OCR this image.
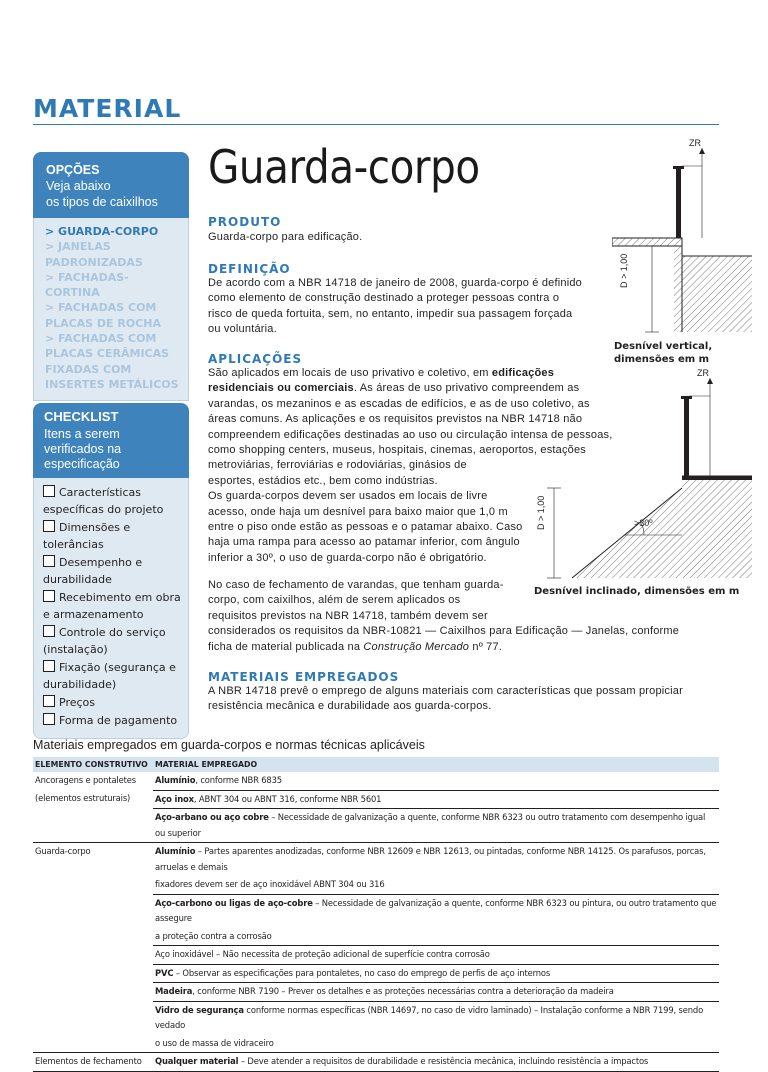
MATERIAL
OPÇÕES
Veja abaixo
os tipos de caixilhos
> GUARDA-CORPO
> JANELAS PADRONIZADAS
> FACHADAS-CORTINA
> FACHADAS COM PLACAS DE ROCHA
> FACHADAS COM PLACAS CERÂMICAS FIXADAS COM INSERTES METÁLICOS
CHECKLIST
Itens a serem verificados na especificação
Características específicas do projeto
Dimensões e tolerâncias
Desempenho e durabilidade
Recebimento em obra e armazenamento
Controle do serviço (instalação)
Fixação (segurança e durabilidade)
Preços
Forma de pagamento
Guarda-corpo
PRODUTO
Guarda-corpo para edificação.
DEFINIÇÃO
De acordo com a NBR 14718 de janeiro de 2008, guarda-corpo é definido
como elemento de construção destinado a proteger pessoas contra o
risco de queda fortuita, sem, no entanto, impedir sua passagem forçada
ou voluntária.
APLICAÇÕES
São aplicados em locais de uso privativo e coletivo, em edificações
residenciais ou comerciais. As áreas de uso privativo compreendem as
varandas, os mezaninos e as escadas de edifícios, e as de uso coletivo, as
áreas comuns. As aplicações e os requisitos previstos na NBR 14718 não
compreendem edificações destinadas ao uso ou circulação intensa de pessoas,
como shopping centers, museus, hospitais, cinemas, aeroportos, estações
metroviárias, ferroviárias e rodoviárias, ginásios de
esportes, estádios etc., bem como indústrias.
Os guarda-corpos devem ser usados em locais de livre
acesso, onde haja um desnível para baixo maior que 1,0 m
entre o piso onde estão as pessoas e o patamar abaixo. Caso
haja uma rampa para acesso ao patamar inferior, com ângulo
inferior a 30º, o uso de guarda-corpo não é obrigatório.
No caso de fechamento de varandas, que tenham guarda-
corpo, com caixilhos, além de serem aplicados os
requisitos previstos na NBR 14718, também devem ser
considerados os requisitos da NBR-10821 — Caixilhos para Edificação — Janelas, conforme
ficha de material publicada na Construção Mercado nº 77.
MATERIAIS EMPREGADOS
A NBR 14718 prevê o emprego de alguns materiais com características que possam propiciar
resistência mecânica e durabilidade aos guarda-corpos.
ZR
D > 1,00
Desnível vertical,
dimensões em m
ZR
D > 1,00	>30º
Desnível inclinado, dimensões em m
Materiais empregados em guarda-corpos e normas técnicas aplicáveis
ELEMENTO CONSTRUTIVO	MATERIAL EMPREGADO
Ancoragens e pontaletes	Alumínio, conforme NBR 6835
(elementos estruturais)	Aço inox, ABNT 304 ou ABNT 316, conforme NBR 5601
	Aço-arbano ou aço cobre – Necessidade de galvanização a quente, conforme NBR 6323 ou outro tratamento com desempenho igual ou superior
Guarda-corpo	Alumínio – Partes aparentes anodizadas, conforme NBR 12609 e NBR 12613, ou pintadas, conforme NBR 14125. Os parafusos, porcas, arruelas e demais
	fixadores devem ser de aço inoxidável ABNT 304 ou 316
	Aço-carbono ou ligas de aço-cobre – Necessidade de galvanização a quente, conforme NBR 6323 ou pintura, ou outro tratamento que assegure
	a proteção contra a corrosão
	Aço inoxidável – Não necessita de proteção adicional de superfície contra corrosão
	PVC – Observar as especificações para pontaletes, no caso do emprego de perfis de aço internos
	Madeira, conforme NBR 7190 – Prever os detalhes e as proteções necessárias contra a deterioração da madeira
	Vidro de segurança conforme normas específicas (NBR 14697, no caso de vidro laminado) – Instalação conforme a NBR 7199, sendo vedado
	o uso de massa de vidraceiro
Elementos de fechamento	Qualquer material – Deve atender a requisitos de durabilidade e resistência mecânica, incluindo resistência a impactos
